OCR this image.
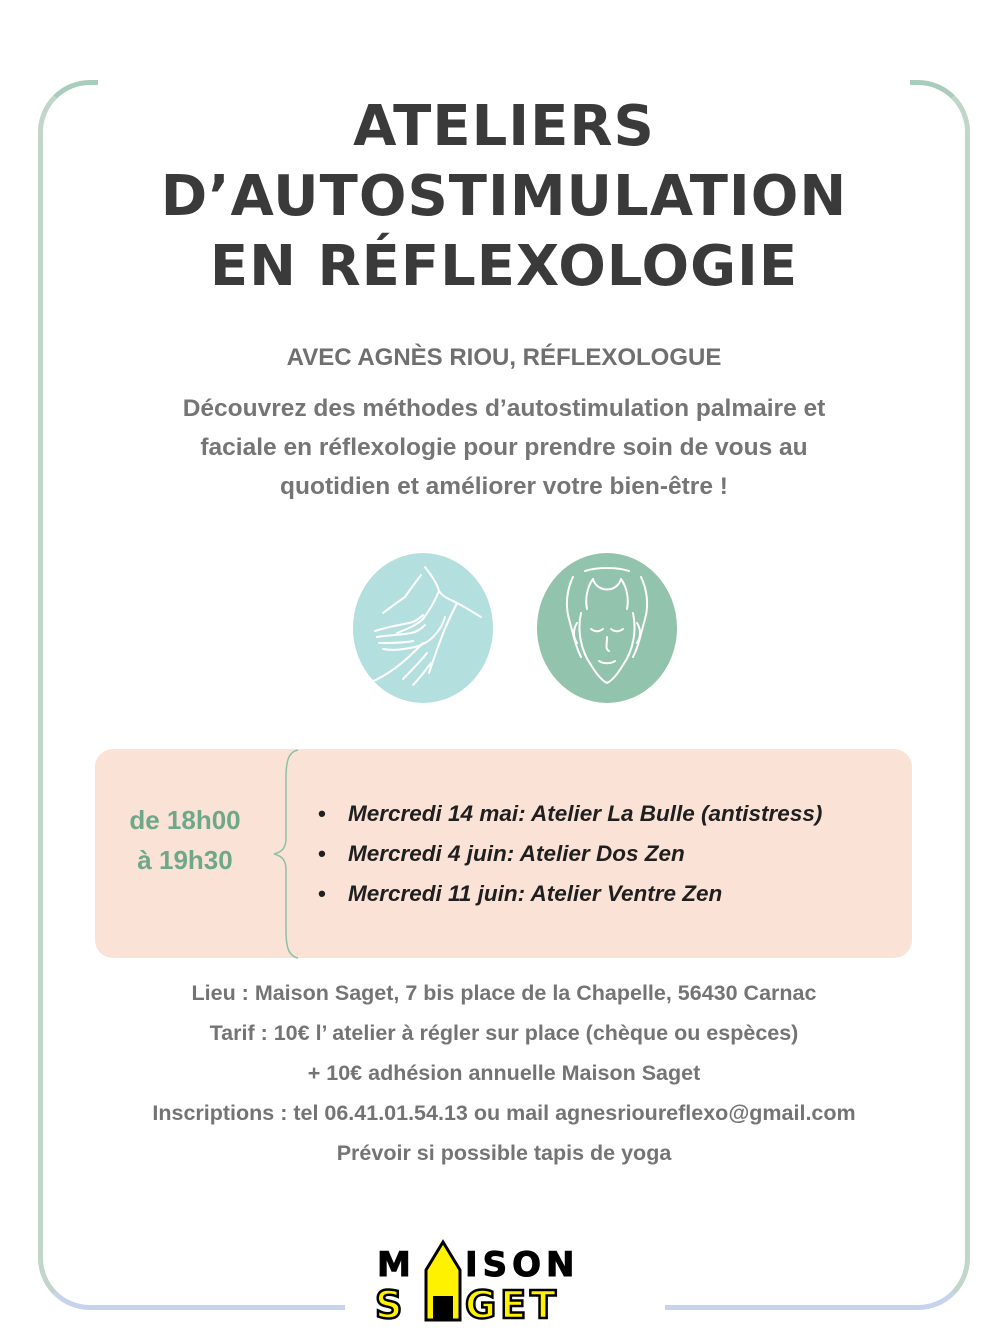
ATELIERS
D’AUTOSTIMULATION
EN RÉFLEXOLOGIE
AVEC AGNÈS RIOU, RÉFLEXOLOGUE
Découvrez des méthodes d’autostimulation palmaire et
faciale en réflexologie pour prendre soin de vous au
quotidien et améliorer votre bien-être !
de 18h00
à 19h30
• Mercredi 14 mai: Atelier La Bulle (antistress)
• Mercredi 4 juin: Atelier Dos Zen
• Mercredi 11 juin: Atelier Ventre Zen
Lieu : Maison Saget, 7 bis place de la Chapelle, 56430 Carnac
Tarif : 10€ l’ atelier à régler sur place (chèque ou espèces)
+ 10€ adhésion annuelle Maison Saget
Inscriptions : tel 06.41.01.54.13 ou mail agnesrioureflexo@gmail.com
Prévoir si possible tapis de yoga
M ISON
S GET
